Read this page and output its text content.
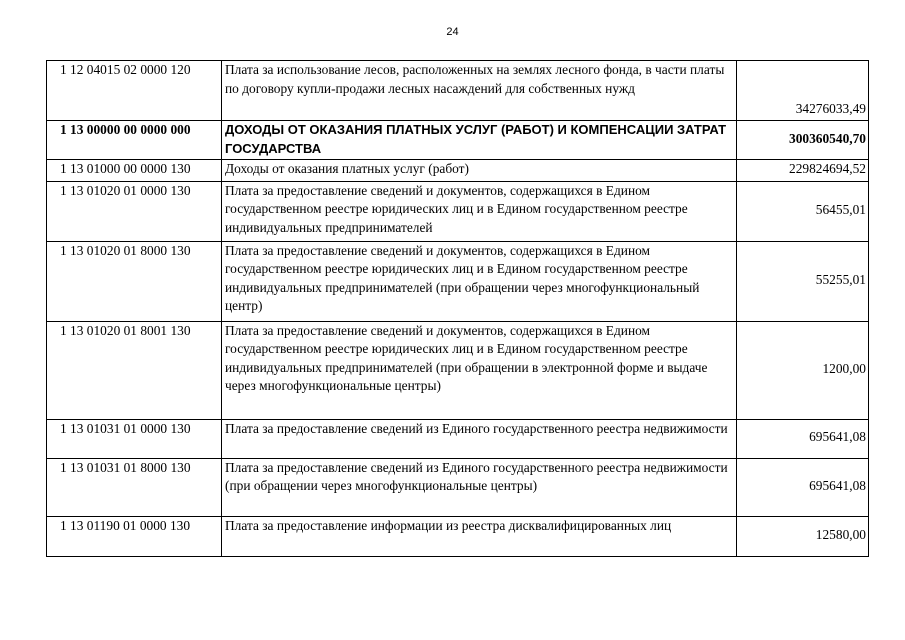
24
1 12 04015 02 0000 120	Плата за использование лесов, расположенных на землях лесного фонда, в части платы по договору купли-продажи лесных насаждений для собственных нужд	34276033,49
1 13 00000 00 0000 000	ДОХОДЫ ОТ ОКАЗАНИЯ ПЛАТНЫХ УСЛУГ (РАБОТ) И КОМПЕНСАЦИИ ЗАТРАТ ГОСУДАРСТВА	300360540,70
1 13 01000 00 0000 130	Доходы от оказания платных услуг (работ)	229824694,52
1 13 01020 01 0000 130	Плата за предоставление сведений и документов, содержащихся в Едином государственном реестре юридических лиц и в Едином государственном реестре индивидуальных предпринимателей	56455,01
1 13 01020 01 8000 130	Плата за предоставление сведений и документов, содержащихся в Едином государственном реестре юридических лиц и в Едином государственном реестре индивидуальных предпринимателей (при обращении через многофункциональный центр)	55255,01
1 13 01020 01 8001 130	Плата за предоставление сведений и документов, содержащихся в Едином государственном реестре юридических лиц и в Едином государственном реестре индивидуальных предпринимателей (при обращении в электронной форме и выдаче через многофункциональные центры)	1200,00
1 13 01031 01 0000 130	Плата за предоставление сведений из Единого государственного реестра недвижимости	695641,08
1 13 01031 01 8000 130	Плата за предоставление сведений из Единого государственного реестра недвижимости (при обращении через многофункциональные центры)	695641,08
1 13 01190 01 0000 130	Плата за предоставление информации из реестра дисквалифицированных лиц	12580,00
